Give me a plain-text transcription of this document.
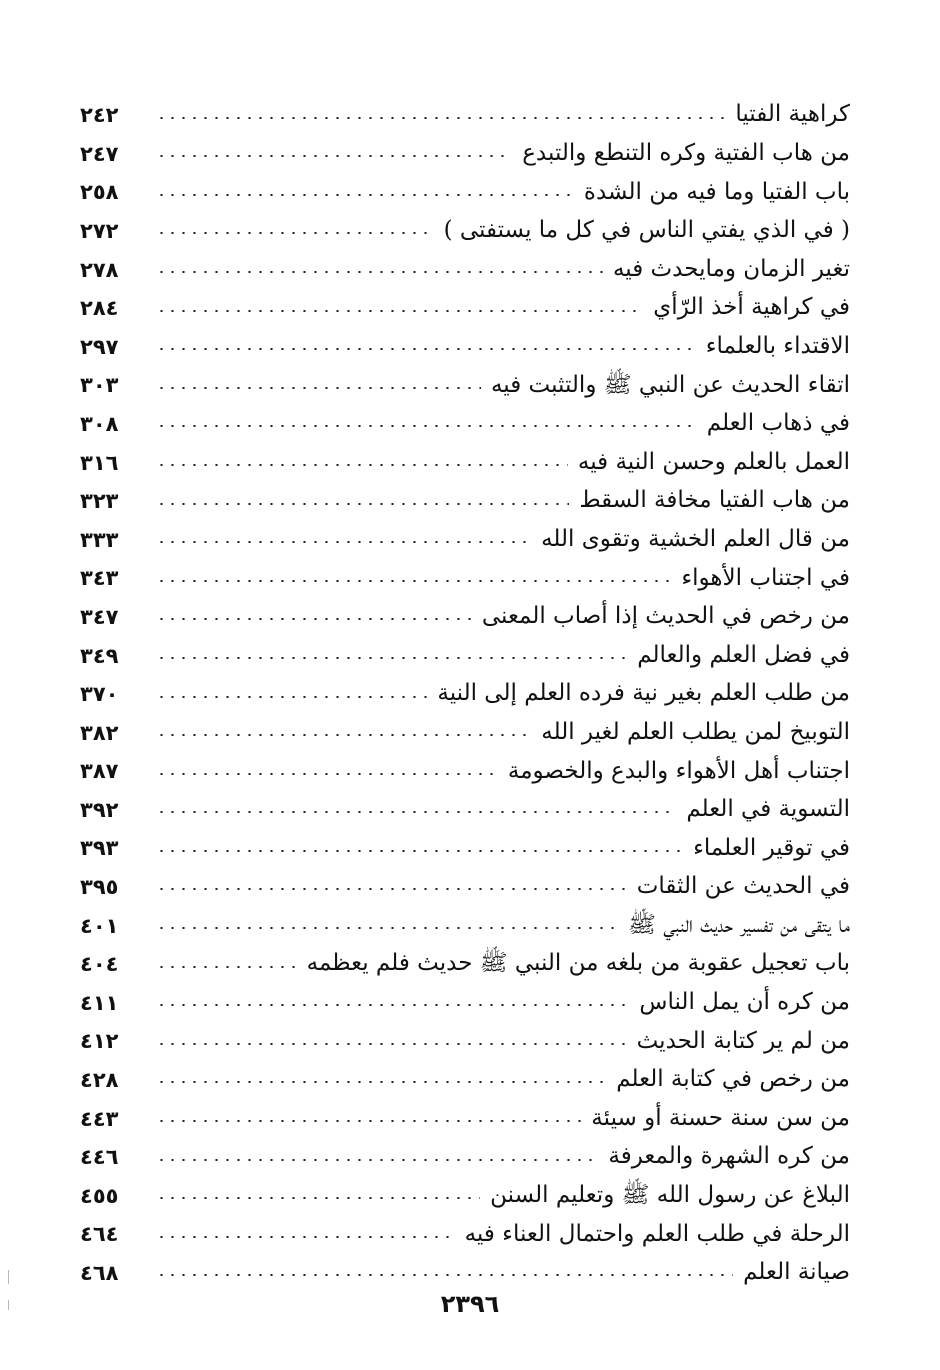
كراهية الفتيا
٢٤٢
من هاب الفتية وكره التنطع والتبدع
٢٤٧
باب الفتيا وما فيه من الشدة
٢٥٨
( في الذي يفتي الناس في كل ما يستفتى )
٢٧٢
تغير الزمان ومايحدث فيه
٢٧٨
في كراهية أخذ الرّأي
٢٨٤
الاقتداء بالعلماء
٢٩٧
اتقاء الحديث عن النبي ﷺ والتثبت فيه
٣٠٣
في ذهاب العلم
٣٠٨
العمل بالعلم وحسن النية فيه
٣١٦
من هاب الفتيا مخافة السقط
٣٢٣
من قال العلم الخشية وتقوى الله
٣٣٣
في اجتناب الأهواء
٣٤٣
من رخص في الحديث إذا أصاب المعنى
٣٤٧
في فضل العلم والعالم
٣٤٩
من طلب العلم بغير نية فرده العلم إلى النية
٣٧٠
التوبيخ لمن يطلب العلم لغير الله
٣٨٢
اجتناب أهل الأهواء والبدع والخصومة
٣٨٧
التسوية في العلم
٣٩٢
في توقير العلماء
٣٩٣
في الحديث عن الثقات
٣٩٥
ما يتقى من تفسير حديث النبي ﷺ
٤٠١
باب تعجيل عقوبة من بلغه من النبي ﷺ حديث فلم يعظمه
٤٠٤
من كره أن يمل الناس
٤١١
من لم ير كتابة الحديث
٤١٢
من رخص في كتابة العلم
٤٢٨
من سن سنة حسنة أو سيئة
٤٤٣
من كره الشهرة والمعرفة
٤٤٦
البلاغ عن رسول الله ﷺ وتعليم السنن
٤٥٥
الرحلة في طلب العلم واحتمال العناء فيه
٤٦٤
صيانة العلم
٤٦٨
٢٣٩٦
